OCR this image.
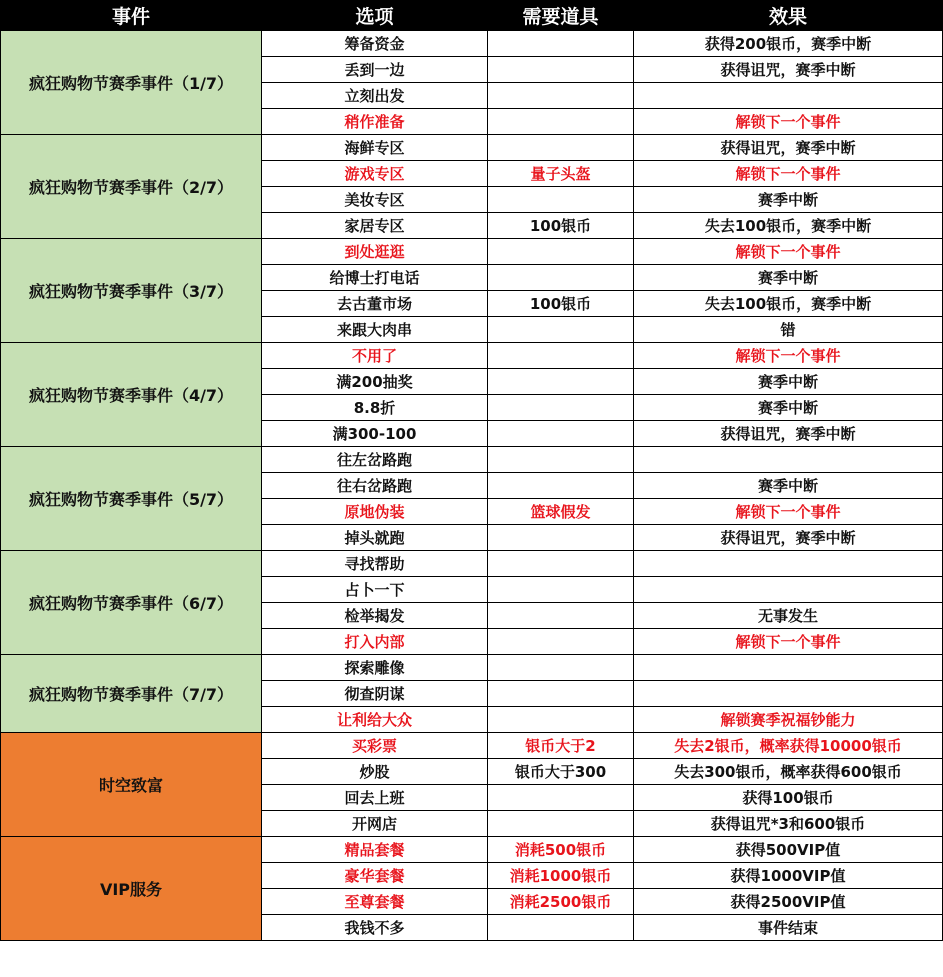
事件	选项	需要道具	效果
疯狂购物节赛季事件（1/7）	筹备资金		获得200银币，赛季中断
	丢到一边		获得诅咒，赛季中断
	立刻出发		
	稍作准备		解锁下一个事件
疯狂购物节赛季事件（2/7）	海鲜专区		获得诅咒，赛季中断
	游戏专区	量子头盔	解锁下一个事件
	美妆专区		赛季中断
	家居专区	100银币	失去100银币，赛季中断
疯狂购物节赛季事件（3/7）	到处逛逛		解锁下一个事件
	给博士打电话		赛季中断
	去古董市场	100银币	失去100银币，赛季中断
	来跟大肉串		错
疯狂购物节赛季事件（4/7）	不用了		解锁下一个事件
	满200抽奖		赛季中断
	8.8折		赛季中断
	满300-100		获得诅咒，赛季中断
疯狂购物节赛季事件（5/7）	往左岔路跑		
	往右岔路跑		赛季中断
	原地伪装	篮球假发	解锁下一个事件
	掉头就跑		获得诅咒，赛季中断
疯狂购物节赛季事件（6/7）	寻找帮助		
	占卜一下		
	检举揭发		无事发生
	打入内部		解锁下一个事件
疯狂购物节赛季事件（7/7）	探索雕像		
	彻查阴谋		
	让利给大众		解锁赛季祝福钞能力
时空致富	买彩票	银币大于2	失去2银币，概率获得10000银币
	炒股	银币大于300	失去300银币，概率获得600银币
	回去上班		获得100银币
	开网店		获得诅咒*3和600银币
VIP服务	精品套餐	消耗500银币	获得500VIP值
	豪华套餐	消耗1000银币	获得1000VIP值
	至尊套餐	消耗2500银币	获得2500VIP值
	我钱不多		事件结束
